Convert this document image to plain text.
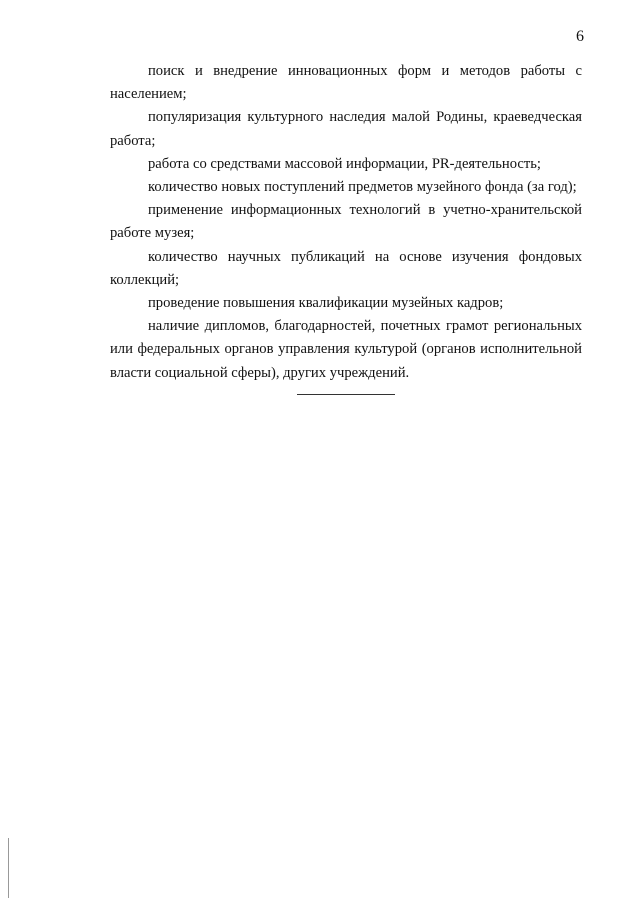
6

поиск и внедрение инновационных форм и методов работы с населением;

популяризация культурного наследия малой Родины, краеведческая работа;

работа со средствами массовой информации, PR-деятельность;

количество новых поступлений предметов музейного фонда (за год);

применение информационных технологий в учетно-хранительской работе музея;

количество научных публикаций на основе изучения фондовых коллекций;

проведение повышения квалификации музейных кадров;

наличие дипломов, благодарностей, почетных грамот региональных или федеральных органов управления культурой (органов исполнительной власти социальной сферы), других учреждений.
